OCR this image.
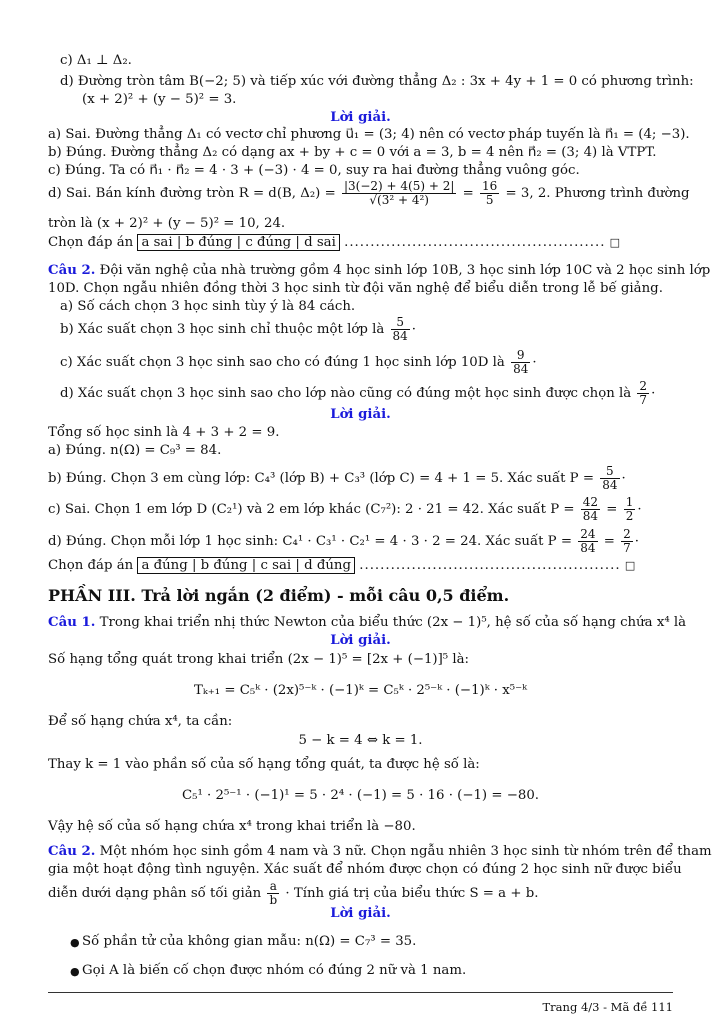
c) Δ₁ ⊥ Δ₂.
d) Đường tròn tâm B(−2; 5) và tiếp xúc với đường thẳng Δ₂ : 3x + 4y + 1 = 0 có phương trình:
(x + 2)² + (y − 5)² = 3.
Lời giải.
a) Sai. Đường thẳng Δ₁ có vectơ chỉ phương u⃗₁ = (3; 4) nên có vectơ pháp tuyến là n⃗₁ = (4; −3).
b) Đúng. Đường thẳng Δ₂ có dạng ax + by + c = 0 với a = 3, b = 4 nên n⃗₂ = (3; 4) là VTPT.
c) Đúng. Ta có n⃗₁ · n⃗₂ = 4 · 3 + (−3) · 4 = 0, suy ra hai đường thẳng vuông góc.
d) Sai. Bán kính đường tròn R = d(B, $\Delta_2) = \frac{|3(-2) + 4(5) + 2|}{\text{√(3² + 4²)}} = \frac{16}{5} = 3$, 2. Phương trình đường
tròn là (x + 2)² + (y − 5)² = 10, 24.
Chọn đáp án a sai | b đúng | c đúng | d sai .................................................. □
Câu 2. Đội văn nghệ của nhà trường gồm 4 học sinh lớp 10B, 3 học sinh lớp 10C và 2 học sinh lớp
10D. Chọn ngẫu nhiên đồng thời 3 học sinh từ đội văn nghệ để biểu diễn trong lễ bế giảng.
a) Số cách chọn 3 học sinh tùy ý là 84 cách.
b) Xác suất chọn 3 học sinh chỉ thuộc một lớp là $\frac{5}{84}$ ·
c) Xác suất chọn 3 học sinh sao cho có đúng 1 học sinh lớp 10D là $\frac{9}{84}$ ·
d) Xác suất chọn 3 học sinh sao cho lớp nào cũng có đúng một học sinh được chọn là $\frac{2}{7}$ ·
Lời giải.
Tổng số học sinh là 4 + 3 + 2 = 9.
a) Đúng. n(Ω) = C₉³ = 84.
b) Đúng. Chọn 3 em cùng lớp: C₄³ (lớp B) + C₃³ (lớp C) = 4 + 1 = 5. Xác suất $P = \frac{5}{84}$ ·
c) Sai. Chọn 1 em lớp D (C₂¹) và 2 em lớp khác (C₇²): 2 · 21 = 42. Xác suất $P = \frac{42}{84} = \frac{1}{2}$ ·
d) Đúng. Chọn mỗi lớp 1 học sinh: C₄¹ · C₃¹ · C₂¹ = 4 · 3 · 2 = 24. Xác suất $P = \frac{24}{84} = \frac{2}{7}$ ·
Chọn đáp án a đúng | b đúng | c sai | d đúng .................................................. □
PHẦN III. Trả lời ngắn (2 điểm) - mỗi câu 0,5 điểm.
Câu 1. Trong khai triển nhị thức Newton của biểu thức (2x − 1)⁵, hệ số của số hạng chứa x⁴ là
Lời giải.
Số hạng tổng quát trong khai triển (2x − 1)⁵ = [2x + (−1)]⁵ là:
Tₖ₊₁ = C₅ᵏ · (2x)⁵⁻ᵏ · (−1)ᵏ = C₅ᵏ · 2⁵⁻ᵏ · (−1)ᵏ · x⁵⁻ᵏ
Để số hạng chứa x⁴, ta cần:
5 − k = 4 ⇔ k = 1.
Thay k = 1 vào phần số của số hạng tổng quát, ta được hệ số là:
C₅¹ · 2⁵⁻¹ · (−1)¹ = 5 · 2⁴ · (−1) = 5 · 16 · (−1) = −80.
Vậy hệ số của số hạng chứa x⁴ trong khai triển là −80.
Câu 2. Một nhóm học sinh gồm 4 nam và 3 nữ. Chọn ngẫu nhiên 3 học sinh từ nhóm trên để tham
gia một hoạt động tình nguyện. Xác suất để nhóm được chọn có đúng 2 học sinh nữ được biểu
diễn dưới dạng phân số tối giản $\frac{a}{b}$ · Tính giá trị của biểu thức S = a + b.
Lời giải.
● Số phần tử của không gian mẫu: n(Ω) = C₇³ = 35.
● Gọi A là biến cố chọn được nhóm có đúng 2 nữ và 1 nam.
Trang 4/3 - Mã đề 111
